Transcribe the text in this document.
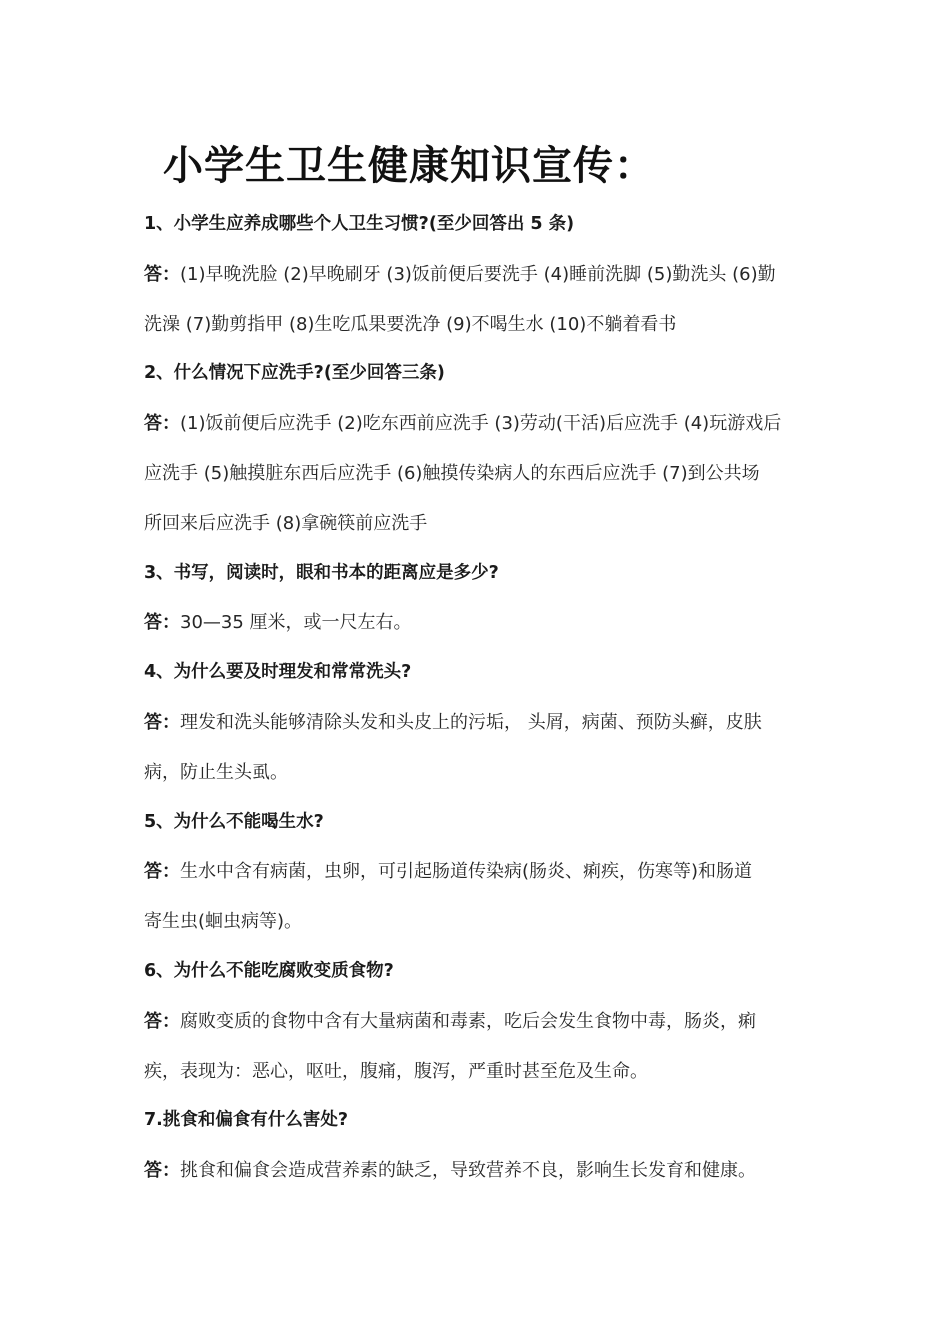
小学生卫生健康知识宣传：
1、小学生应养成哪些个人卫生习惯?(至少回答出 5 条)
答：(1)早晚洗脸 (2)早晚刷牙 (3)饭前便后要洗手 (4)睡前洗脚 (5)勤洗头 (6)勤
洗澡 (7)勤剪指甲 (8)生吃瓜果要洗净 (9)不喝生水 (10)不躺着看书
2、什么情况下应洗手?(至少回答三条)
答：(1)饭前便后应洗手 (2)吃东西前应洗手 (3)劳动(干活)后应洗手 (4)玩游戏后
应洗手 (5)触摸脏东西后应洗手 (6)触摸传染病人的东西后应洗手 (7)到公共场
所回来后应洗手 (8)拿碗筷前应洗手
3、书写，阅读时，眼和书本的距离应是多少?
答：30—35 厘米，或一尺左右。
4、为什么要及时理发和常常洗头?
答：理发和洗头能够清除头发和头皮上的污垢， 头屑，病菌、预防头癣，皮肤
病，防止生头虱。
5、为什么不能喝生水?
答：生水中含有病菌，虫卵，可引起肠道传染病(肠炎、痢疾，伤寒等)和肠道
寄生虫(蛔虫病等)。
6、为什么不能吃腐败变质食物?
答：腐败变质的食物中含有大量病菌和毒素，吃后会发生食物中毒，肠炎，痢
疾，表现为：恶心，呕吐，腹痛，腹泻，严重时甚至危及生命。
7.挑食和偏食有什么害处?
答：挑食和偏食会造成营养素的缺乏，导致营养不良，影响生长发育和健康。
